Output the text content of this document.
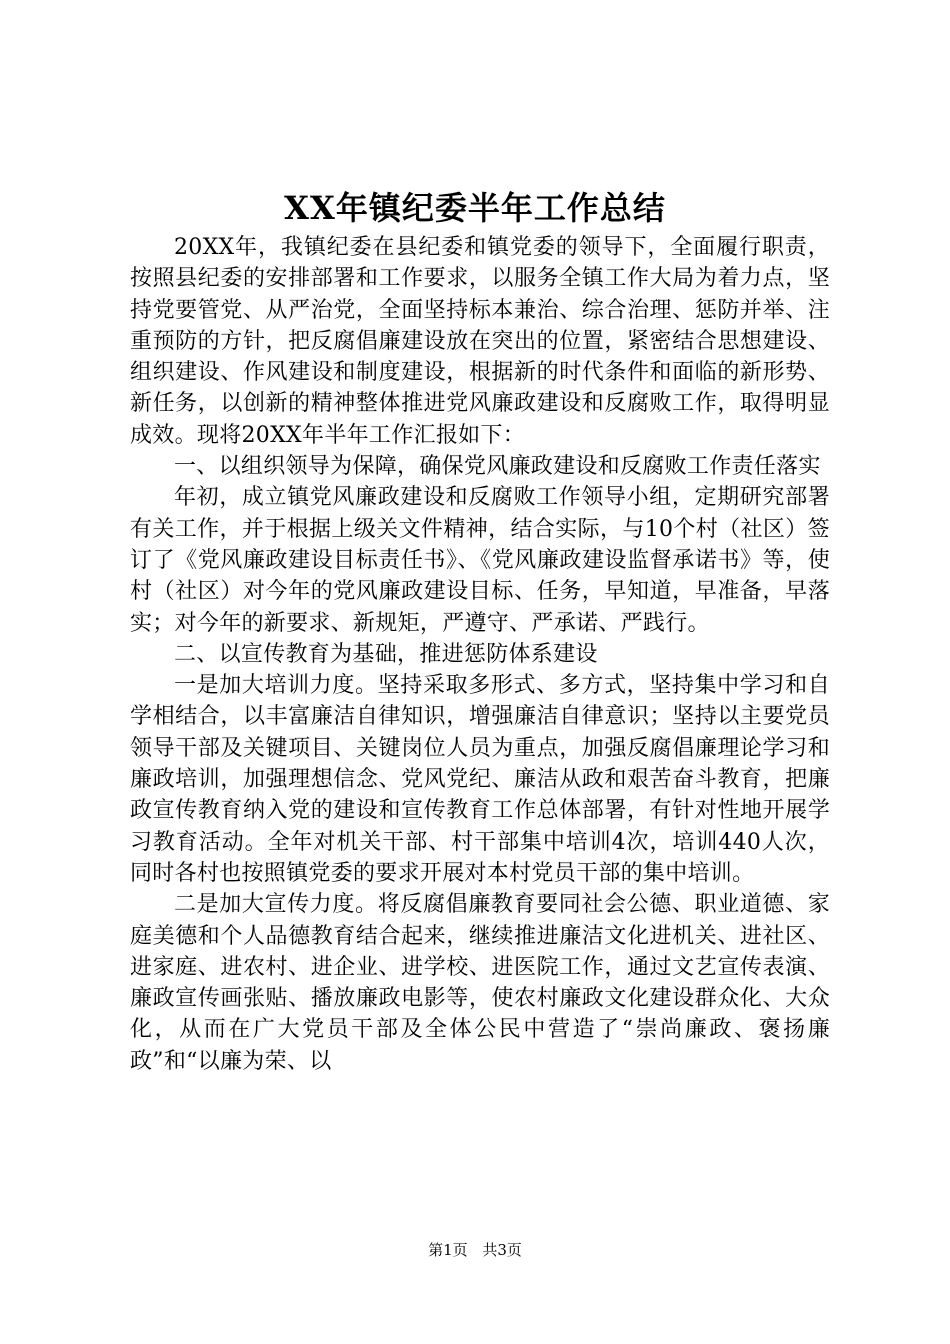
XX年镇纪委半年工作总结

20XX年，我镇纪委在县纪委和镇党委的领导下，全面履行职责，按照县纪委的安排部署和工作要求，以服务全镇工作大局为着力点，坚持党要管党、从严治党，全面坚持标本兼治、综合治理、惩防并举、注重预防的方针，把反腐倡廉建设放在突出的位置，紧密结合思想建设、组织建设、作风建设和制度建设，根据新的时代条件和面临的新形势、新任务，以创新的精神整体推进党风廉政建设和反腐败工作，取得明显成效。现将20XX年半年工作汇报如下：

一、以组织领导为保障，确保党风廉政建设和反腐败工作责任落实

年初，成立镇党风廉政建设和反腐败工作领导小组，定期研究部署有关工作，并于根据上级关文件精神，结合实际，与10个村（社区）签订了《党风廉政建设目标责任书》、《党风廉政建设监督承诺书》等，使村（社区）对今年的党风廉政建设目标、任务，早知道，早准备，早落实；对今年的新要求、新规矩，严遵守、严承诺、严践行。

二、以宣传教育为基础，推进惩防体系建设

一是加大培训力度。坚持采取多形式、多方式，坚持集中学习和自学相结合，以丰富廉洁自律知识，增强廉洁自律意识；坚持以主要党员领导干部及关键项目、关键岗位人员为重点，加强反腐倡廉理论学习和廉政培训，加强理想信念、党风党纪、廉洁从政和艰苦奋斗教育，把廉政宣传教育纳入党的建设和宣传教育工作总体部署，有针对性地开展学习教育活动。全年对机关干部、村干部集中培训4次，培训440人次，同时各村也按照镇党委的要求开展对本村党员干部的集中培训。

二是加大宣传力度。将反腐倡廉教育要同社会公德、职业道德、家庭美德和个人品德教育结合起来，继续推进廉洁文化进机关、进社区、进家庭、进农村、进企业、进学校、进医院工作，通过文艺宣传表演、廉政宣传画张贴、播放廉政电影等，使农村廉政文化建设群众化、大众化，从而在广大党员干部及全体公民中营造了“崇尚廉政、褒扬廉政”和“以廉为荣、以

第1页 共3页
